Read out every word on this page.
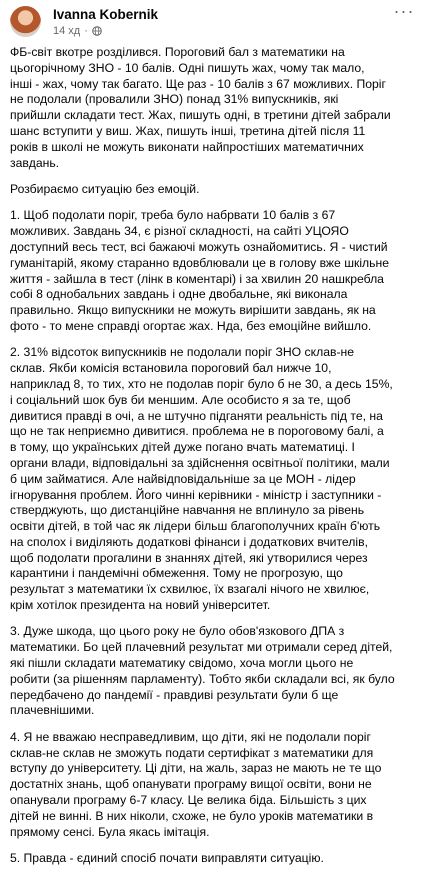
Ivanna Kobernik
14 хд ·
···

ФБ-світ вкотре розділився. Пороговий бал з математики на
цьогорічному ЗНО - 10 балів. Одні пишуть жах, чому так мало,
інші - жах, чому так багато. Ще раз - 10 балів з 67 можливих. Поріг
не подолали (провалили ЗНО) понад 31% випускників, які
прийшли складати тест. Жах, пишуть одні, в третини дітей забрали
шанс вступити у виш. Жах, пишуть інші, третина дітей після 11
років в школі не можуть виконати найпростіших математичних
завдань.

Розбираємо ситуацію без емоцій.

1. Щоб подолати поріг, треба було набрвати 10 балів з 67
можливих. Завдань 34, є різної складності, на сайті УЦОЯО
доступний весь тест, всі бажаючі можуть ознайомитись. Я - чистий
гуманітарій, якому старанно вдовблювали це в голову вже шкільне
життя - зайшла в тест (лінк в коментарі) і за хвилин 20 нашкребла
собі 8 однобальних завдань і одне двобальне, які виконала
правильно. Якщо випускники не можуть вирішити завдань, як на
фото - то мене справді огортає жах. Нда, без емоційне вийшло.

2. 31% відсоток випускників не подолали поріг ЗНО склав-не
склав. Якби комісія встановила пороговий бал нижче 10,
наприклад 8, то тих, хто не подолав поріг було б не 30, а десь 15%,
і соціальний шок був би меншим. Але особисто я за те, щоб
дивитися правді в очі, а не штучно підганяти реальність під те, на
що не так неприємно дивитися. проблема не в пороговому балі, а
в тому, що українських дітей дуже погано вчать математиці. І
органи влади, відповідальні за здійснення освітньої політики, мали
б цим займатися. Але найвідповідальніше за це МОН - лідер
ігнорування проблем. Його чинні керівники - міністр і заступники -
стверджують, що дистанційне навчання не вплинуло за рівень
освіти дітей, в той час як лідери більш благополучних країн б'ють
на сполох і виділяють додаткові фінанси і додаткових вчителів,
щоб подолати прогалини в знаннях дітей, які утворилися через
карантини і пандемічні обмеження. Тому не прогрозую, що
результат з математики їх схвилює, їх взагалі нічого не хвилює,
крім хотілок президента на новий університет.

3. Дуже шкода, що цього року не було обов'язкового ДПА з
математики. Бо цей плачевний результат ми отримали серед дітей,
які пішли складати математику свідомо, хоча могли цього не
робити (за рішенням парламенту). Тобто якби складали всі, як було
передбачено до пандемії - правдиві результати були б ще
плачевнішими.

4. Я не вважаю несправедливим, що діти, які не подолали поріг
склав-не склав не зможуть подати сертифікат з математики для
вступу до університету. Ці діти, на жаль, зараз не мають не те що
достатніх знань, щоб опанувати програму вищої освіти, вони не
опанували програму 6-7 класу. Це велика біда. Більшість з цих
дітей не винні. В них ніколи, схоже, не було уроків математики в
прямому сенсі. Була якась імітація.

5. Правда - єдиний спосіб почати виправляти ситуацію.
